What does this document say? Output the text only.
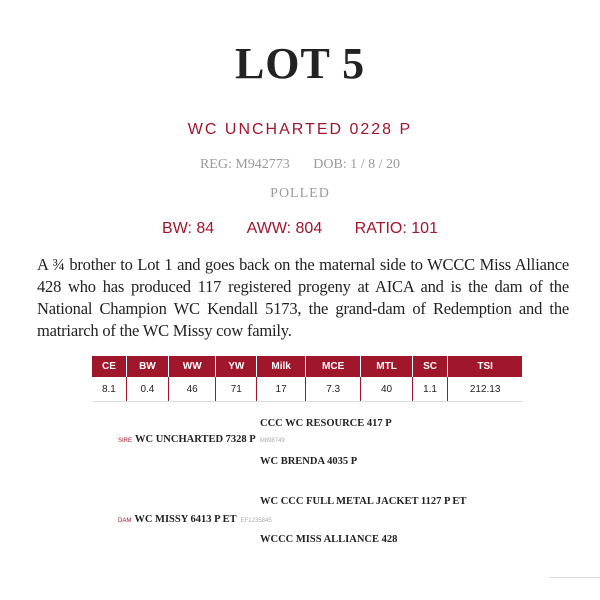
LOT 5
WC UNCHARTED 0228 P
REG: M942773 DOB: 1 / 8 / 20
POLLED
BW: 84 AWW: 804 RATIO: 101
A ¾ brother to Lot 1 and goes back on the maternal side to WCCC Miss Alliance 428 who has produced 117 registered progeny at AICA and is the dam of the National Champion WC Kendall 5173, the grand-dam of Redemption and the matriarch of the WC Missy cow family.
CE	BW	WW	YW	Milk	MCE	MTL	SC	TSI
8.1	0.4	46	71	17	7.3	40	1.1	212.13
CCC WC RESOURCE 417 P
SIRE WC UNCHARTED 7328 P M898749
WC BRENDA 4035 P
WC CCC FULL METAL JACKET 1127 P ET
DAM WC MISSY 6413 P ET EF1235845
WCCC MISS ALLIANCE 428
